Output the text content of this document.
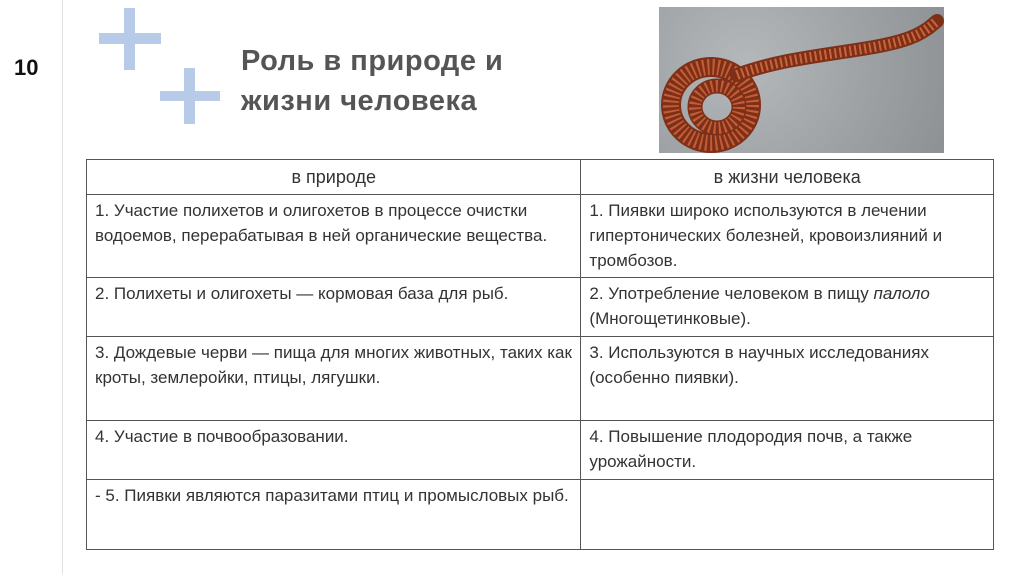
10	Роль в природе и
жизни человека
в природе	в жизни человека
1. Участие полихетов и олигохетов в процессе очистки водоемов, перерабатывая в ней органические вещества.	1. Пиявки широко используются в лечении гипертонических болезней, кровоизлияний и тромбозов.
2. Полихеты и олигохеты — кормовая база для рыб.	2. Употребление человеком в пищу палоло (Многощетинковые).
3. Дождевые черви — пища для многих животных, таких как кроты, землеройки, птицы, лягушки.	3. Используются в научных исследованиях (особенно пиявки).
4. Участие в почвообразовании.	4. Повышение плодородия почв, а также урожайности.
- 5. Пиявки являются паразитами птиц и промысловых рыб.	
